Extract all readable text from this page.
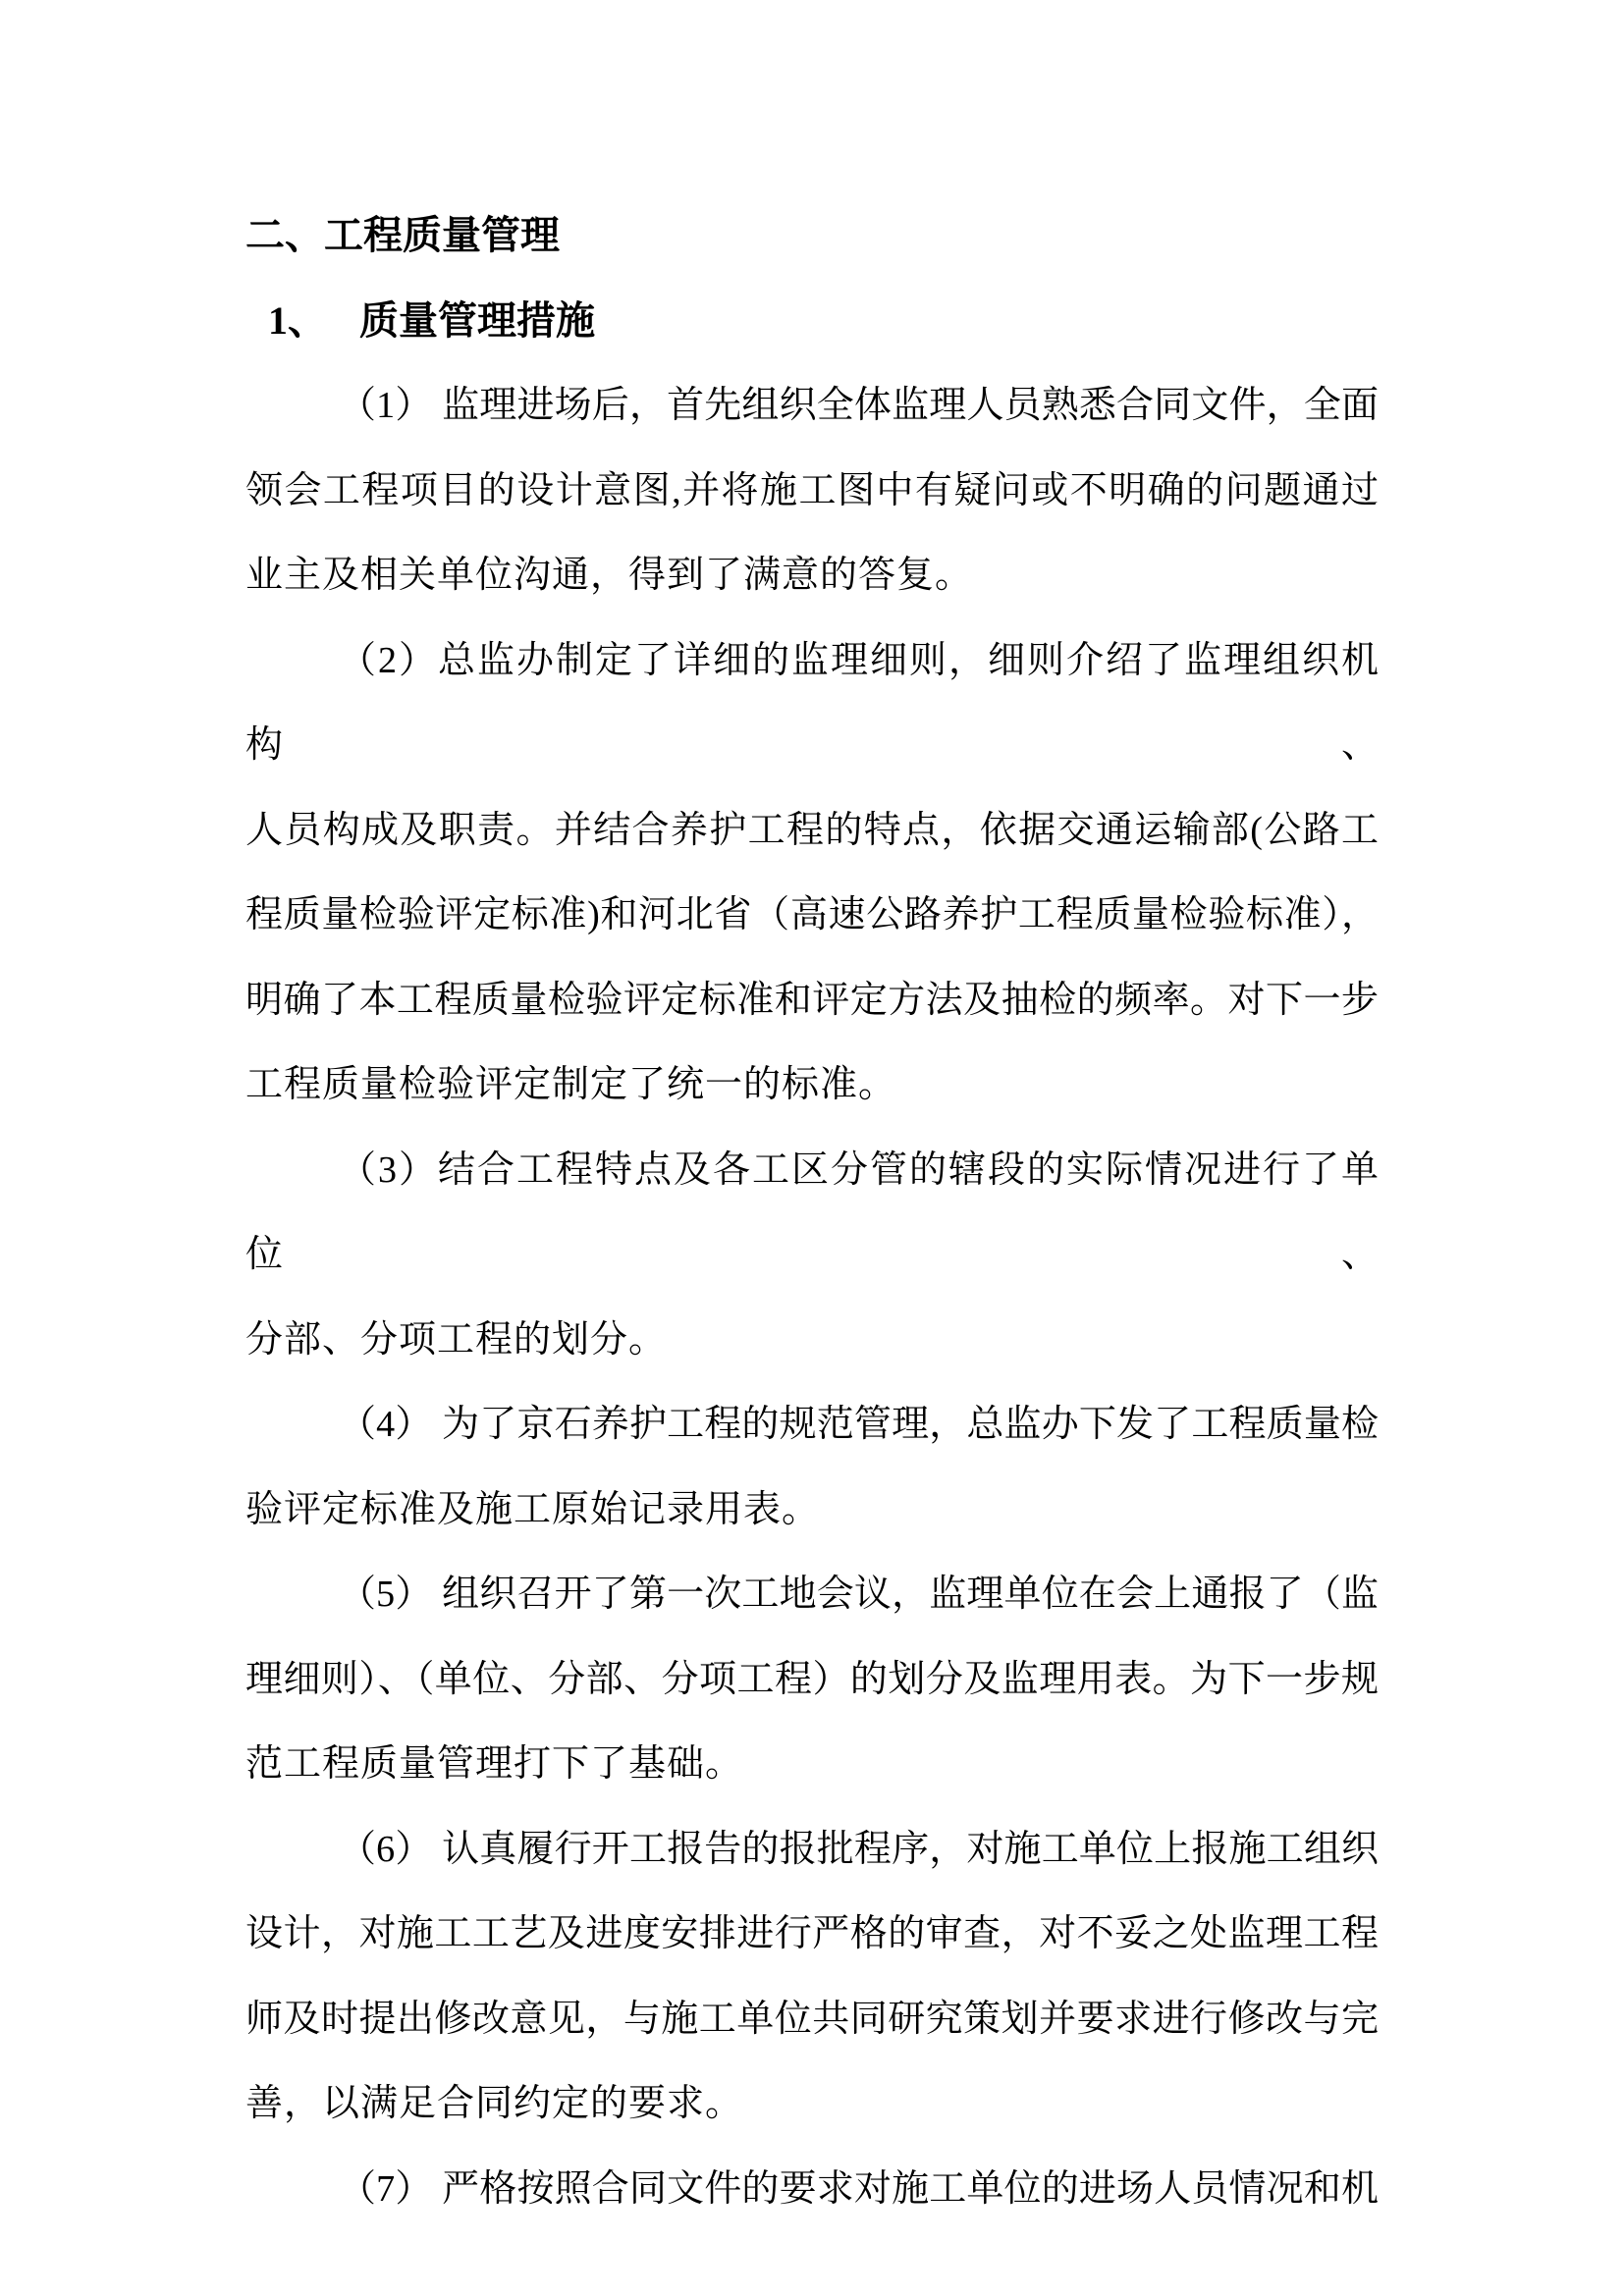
二、工程质量管理
1、 质量管理措施
（1） 监理进场后，首先组织全体监理人员熟悉合同文件，全面
领会工程项目的设计意图,并将施工图中有疑问或不明确的问题通过
业主及相关单位沟通，得到了满意的答复。
（2）总监办制定了详细的监理细则，细则介绍了监理组织机构、
人员构成及职责。并结合养护工程的特点，依据交通运输部(公路工
程质量检验评定标准)和河北省（高速公路养护工程质量检验标准），
明确了本工程质量检验评定标准和评定方法及抽检的频率。对下一步
工程质量检验评定制定了统一的标准。
（3）结合工程特点及各工区分管的辖段的实际情况进行了单位、
分部、分项工程的划分。
（4） 为了京石养护工程的规范管理，总监办下发了工程质量检
验评定标准及施工原始记录用表。
（5） 组织召开了第一次工地会议，监理单位在会上通报了（监
理细则）、（单位、分部、分项工程）的划分及监理用表。为下一步规
范工程质量管理打下了基础。
（6） 认真履行开工报告的报批程序，对施工单位上报施工组织
设计，对施工工艺及进度安排进行严格的审查，对不妥之处监理工程
师及时提出修改意见，与施工单位共同研究策划并要求进行修改与完
善，以满足合同约定的要求。
（7） 严格按照合同文件的要求对施工单位的进场人员情况和机
